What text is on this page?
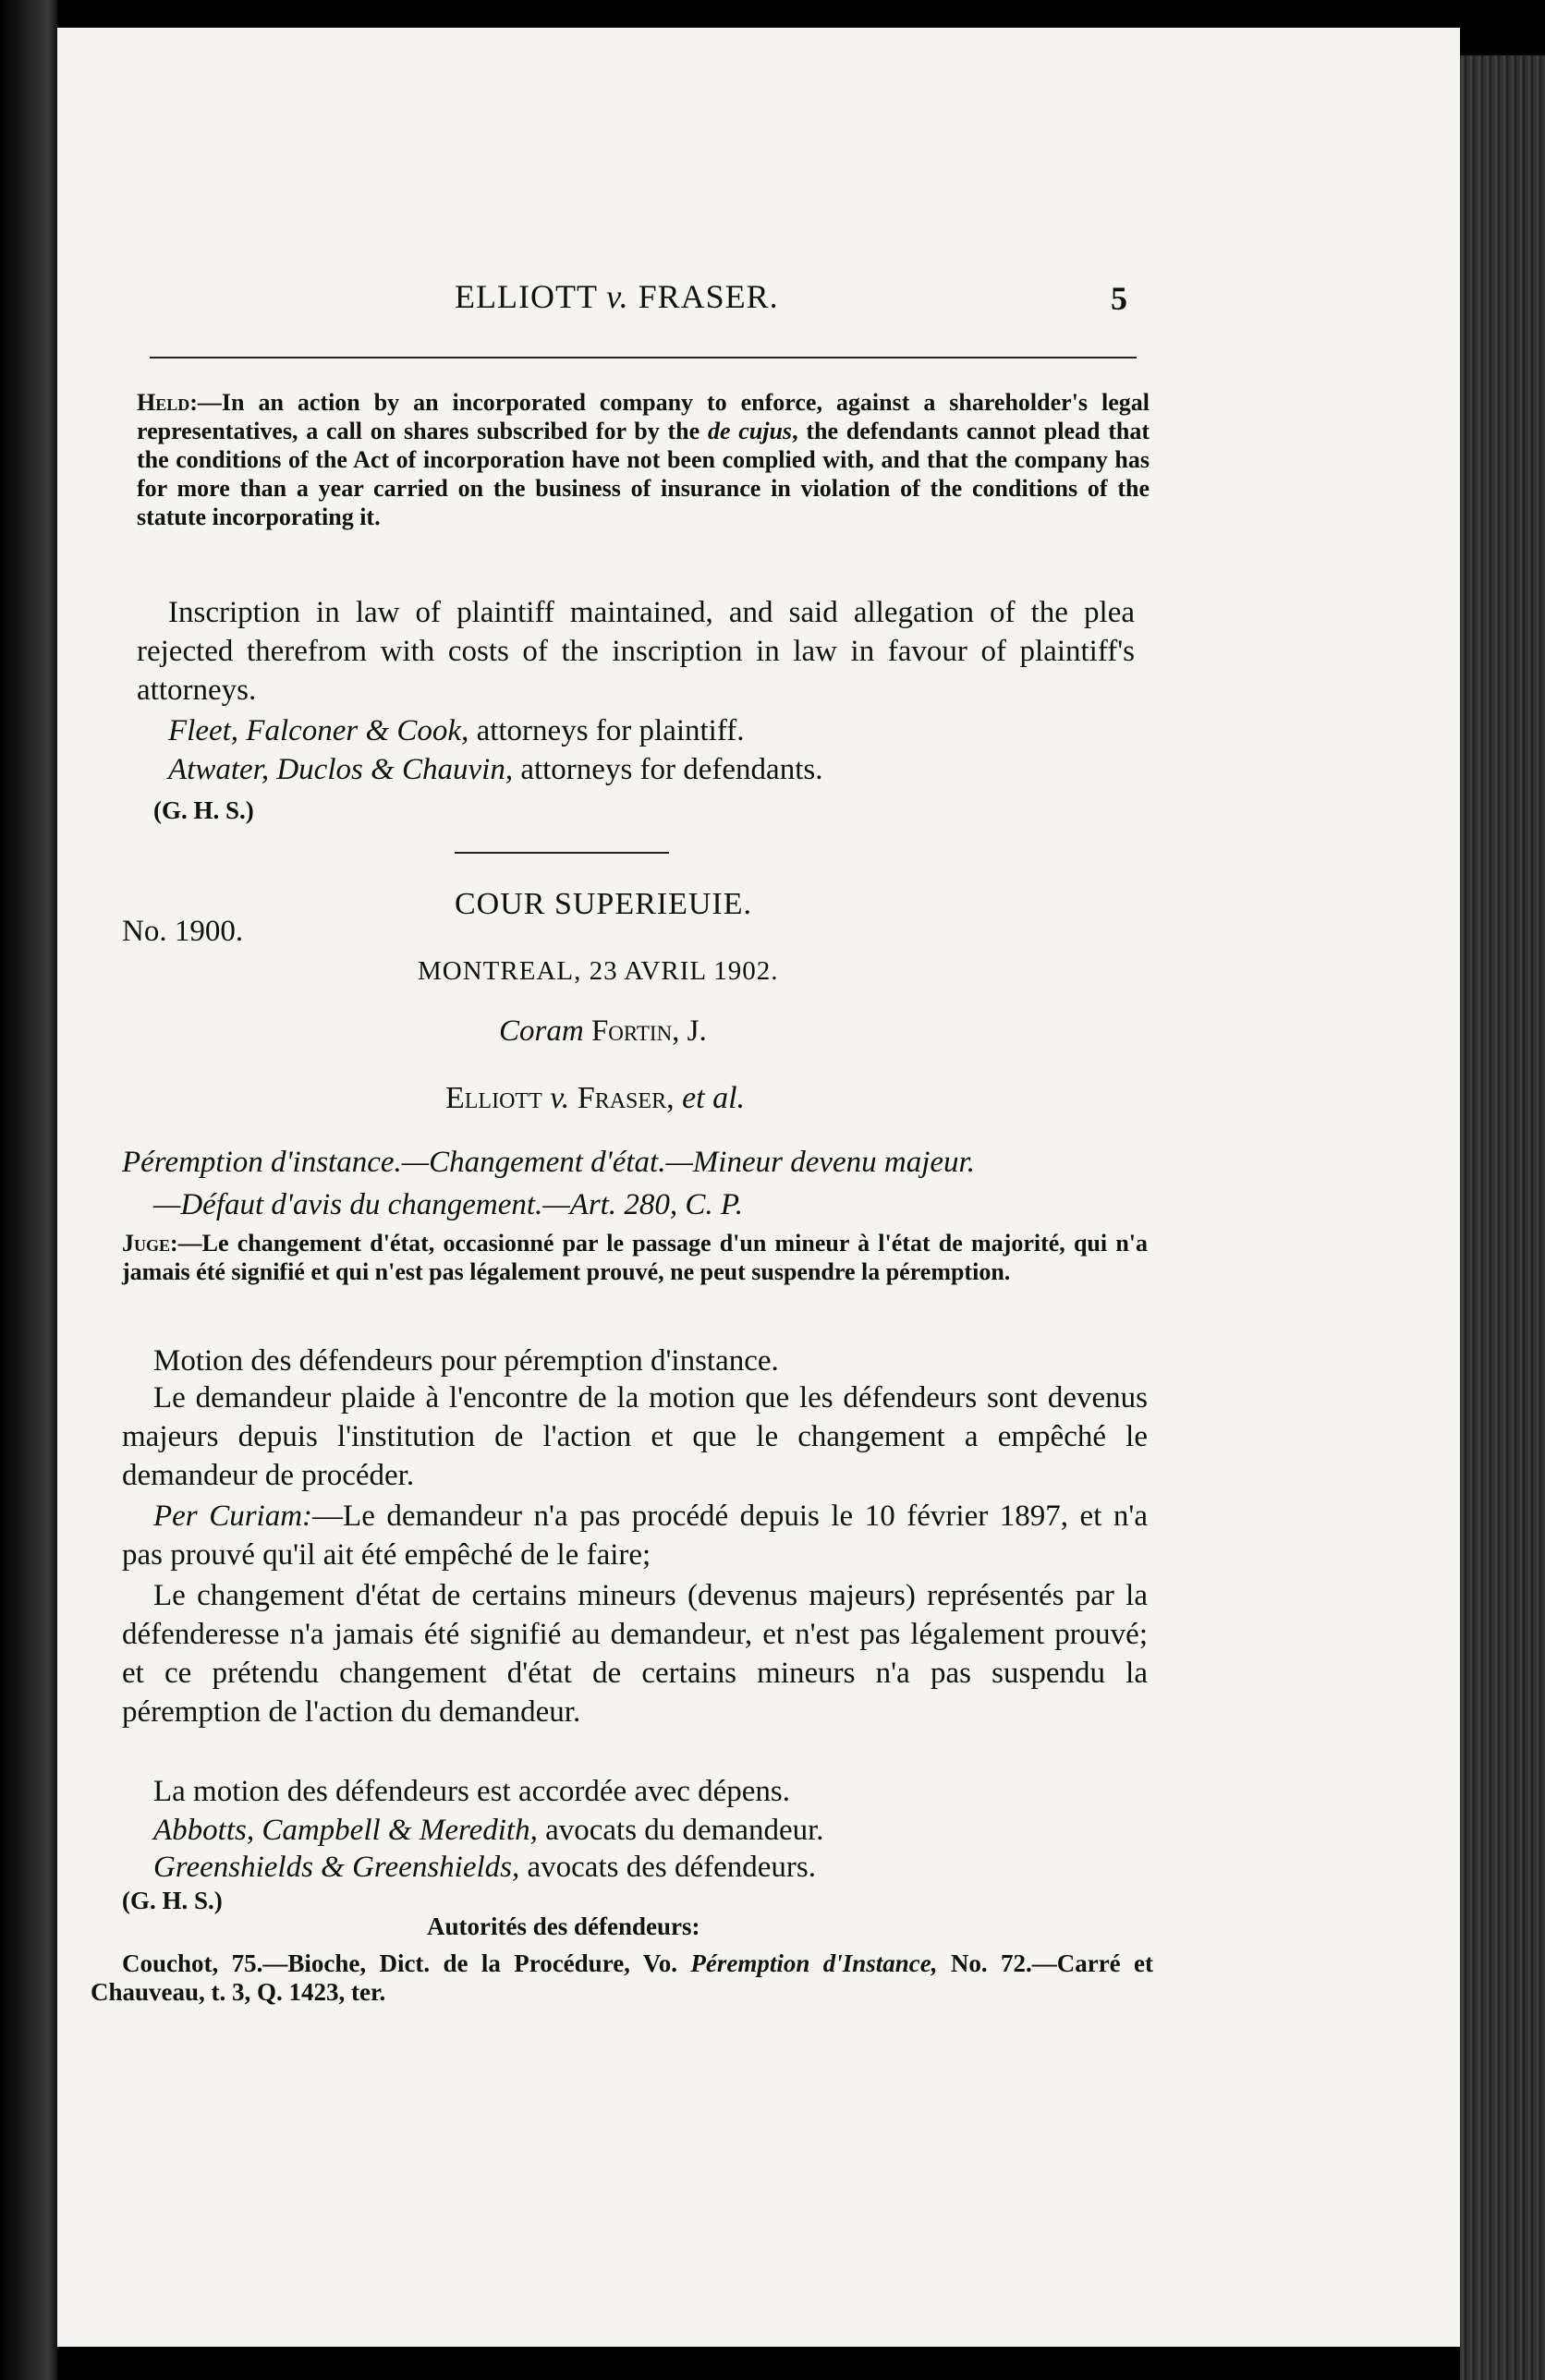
ELLIOTT v. FRASER.	5
Held:—In an action by an incorporated company to enforce, against a shareholder's legal representatives, a call on shares subscribed for by the de cujus, the defendants cannot plead that the conditions of the Act of incorporation have not been complied with, and that the company has for more than a year carried on the business of insurance in violation of the conditions of the statute incorporating it.
Inscription in law of plaintiff maintained, and said allegation of the plea rejected therefrom with costs of the inscription in law in favour of plaintiff's attorneys.
Fleet, Falconer & Cook, attorneys for plaintiff.
Atwater, Duclos & Chauvin, attorneys for defendants.
(G. H. S.)
COUR SUPERIEUIE.
No. 1900.
MONTREAL, 23 AVRIL 1902.
Coram Fortin, J.
Elliott v. Fraser, et al.
Péremption d'instance.—Changement d'état.—Mineur devenu majeur.
—Défaut d'avis du changement.—Art. 280, C. P.
Juge:—Le changement d'état, occasionné par le passage d'un mineur à l'état de majorité, qui n'a jamais été signifié et qui n'est pas légalement prouvé, ne peut suspendre la péremption.
Motion des défendeurs pour péremption d'instance.
Le demandeur plaide à l'encontre de la motion que les défendeurs sont devenus majeurs depuis l'institution de l'action et que le changement a empêché le demandeur de procéder.
Per Curiam:—Le demandeur n'a pas procédé depuis le 10 février 1897, et n'a pas prouvé qu'il ait été empêché de le faire;
Le changement d'état de certains mineurs (devenus majeurs) représentés par la défenderesse n'a jamais été signifié au demandeur, et n'est pas légalement prouvé; et ce prétendu changement d'état de certains mineurs n'a pas suspendu la péremption de l'action du demandeur.
La motion des défendeurs est accordée avec dépens.
Abbotts, Campbell & Meredith, avocats du demandeur.
Greenshields & Greenshields, avocats des défendeurs.
(G. H. S.)
Autorités des défendeurs:
Couchot, 75.—Bioche, Dict. de la Procédure, Vo. Péremption d'Instance, No. 72.—Carré et Chauveau, t. 3, Q. 1423, ter.
